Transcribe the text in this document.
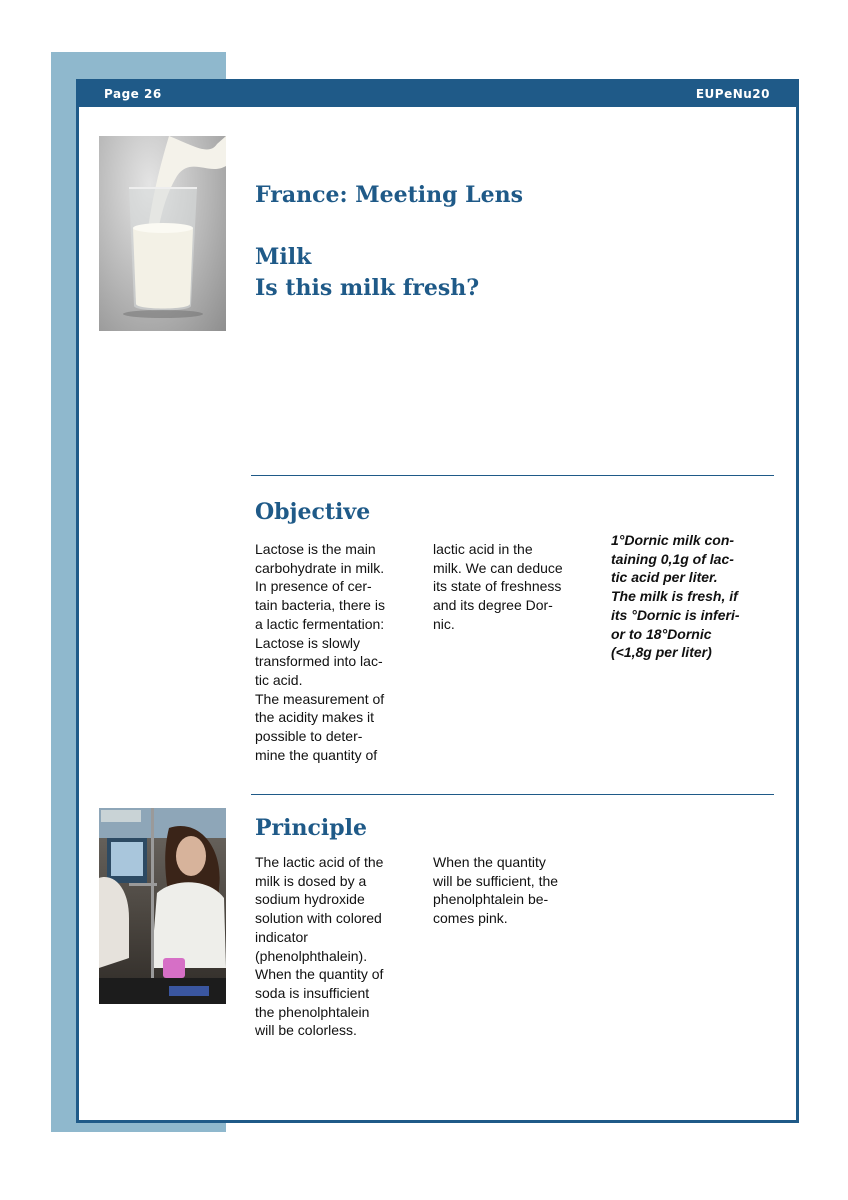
Page 26	EUPeNu20
France: Meeting Lens
Milk
Is this milk fresh?
Objective

Lactose is the main

carbohydrate in milk.

In presence of cer-

tain bacteria, there is

a lactic fermentation:

Lactose is slowly

transformed into lac-

tic acid.

The measurement of

the acidity makes it

possible to deter-

mine the quantity of

lactic acid in the

milk. We can deduce

its state of freshness

and its degree Dor-

nic.

1°Dornic milk con-
taining 0,1g of lac-
tic acid per liter.
The milk is fresh, if
its °Dornic is inferi-
or to 18°Dornic
(<1,8g per liter)
Principle

The lactic acid of the

milk is dosed by a

sodium hydroxide

solution with colored

indicator

(phenolphthalein).

When the quantity of

soda is insufficient

the phenolphtalein

will be colorless.

When the quantity

will be sufficient, the

phenolphtalein be-

comes pink.
